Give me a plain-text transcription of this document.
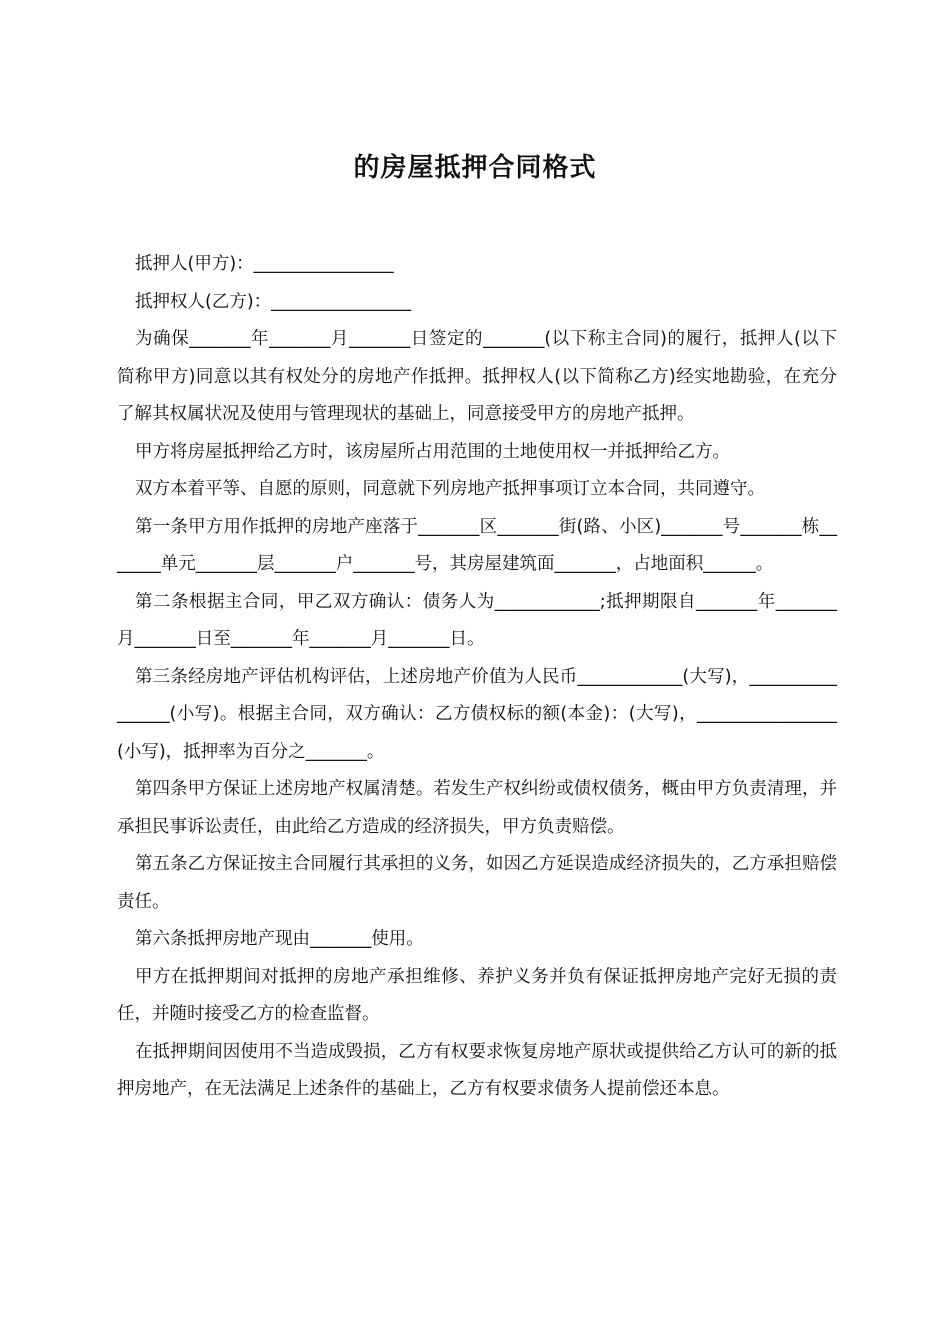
的房屋抵押合同格式

抵押人(甲方)：________________

抵押权人(乙方)：________________

为确保_______年_______月_______日签定的_______(以下称主合同)的履行，抵押人(以下简称甲方)同意以其有权处分的房地产作抵押。抵押权人(以下简称乙方)经实地勘验，在充分了解其权属状况及使用与管理现状的基础上，同意接受甲方的房地产抵押。

甲方将房屋抵押给乙方时，该房屋所占用范围的土地使用权一并抵押给乙方。

双方本着平等、自愿的原则，同意就下列房地产抵押事项订立本合同，共同遵守。

第一条甲方用作抵押的房地产座落于_______区_______街(路、小区)_______号_______栋_______单元_______层_______户_______号，其房屋建筑面_______，占地面积______。

第二条根据主合同，甲乙双方确认：债务人为____________;抵押期限自_______年_______月_______日至_______年_______月_______日。

第三条经房地产评估机构评估，上述房地产价值为人民币____________(大写)，________________(小写)。根据主合同，双方确认：乙方债权标的额(本金)：(大写)，________________(小写)，抵押率为百分之_______。

第四条甲方保证上述房地产权属清楚。若发生产权纠纷或债权债务，概由甲方负责清理，并承担民事诉讼责任，由此给乙方造成的经济损失，甲方负责赔偿。

第五条乙方保证按主合同履行其承担的义务，如因乙方延误造成经济损失的，乙方承担赔偿责任。

第六条抵押房地产现由_______使用。

甲方在抵押期间对抵押的房地产承担维修、养护义务并负有保证抵押房地产完好无损的责任，并随时接受乙方的检查监督。

在抵押期间因使用不当造成毁损，乙方有权要求恢复房地产原状或提供给乙方认可的新的抵押房地产，在无法满足上述条件的基础上，乙方有权要求债务人提前偿还本息。
